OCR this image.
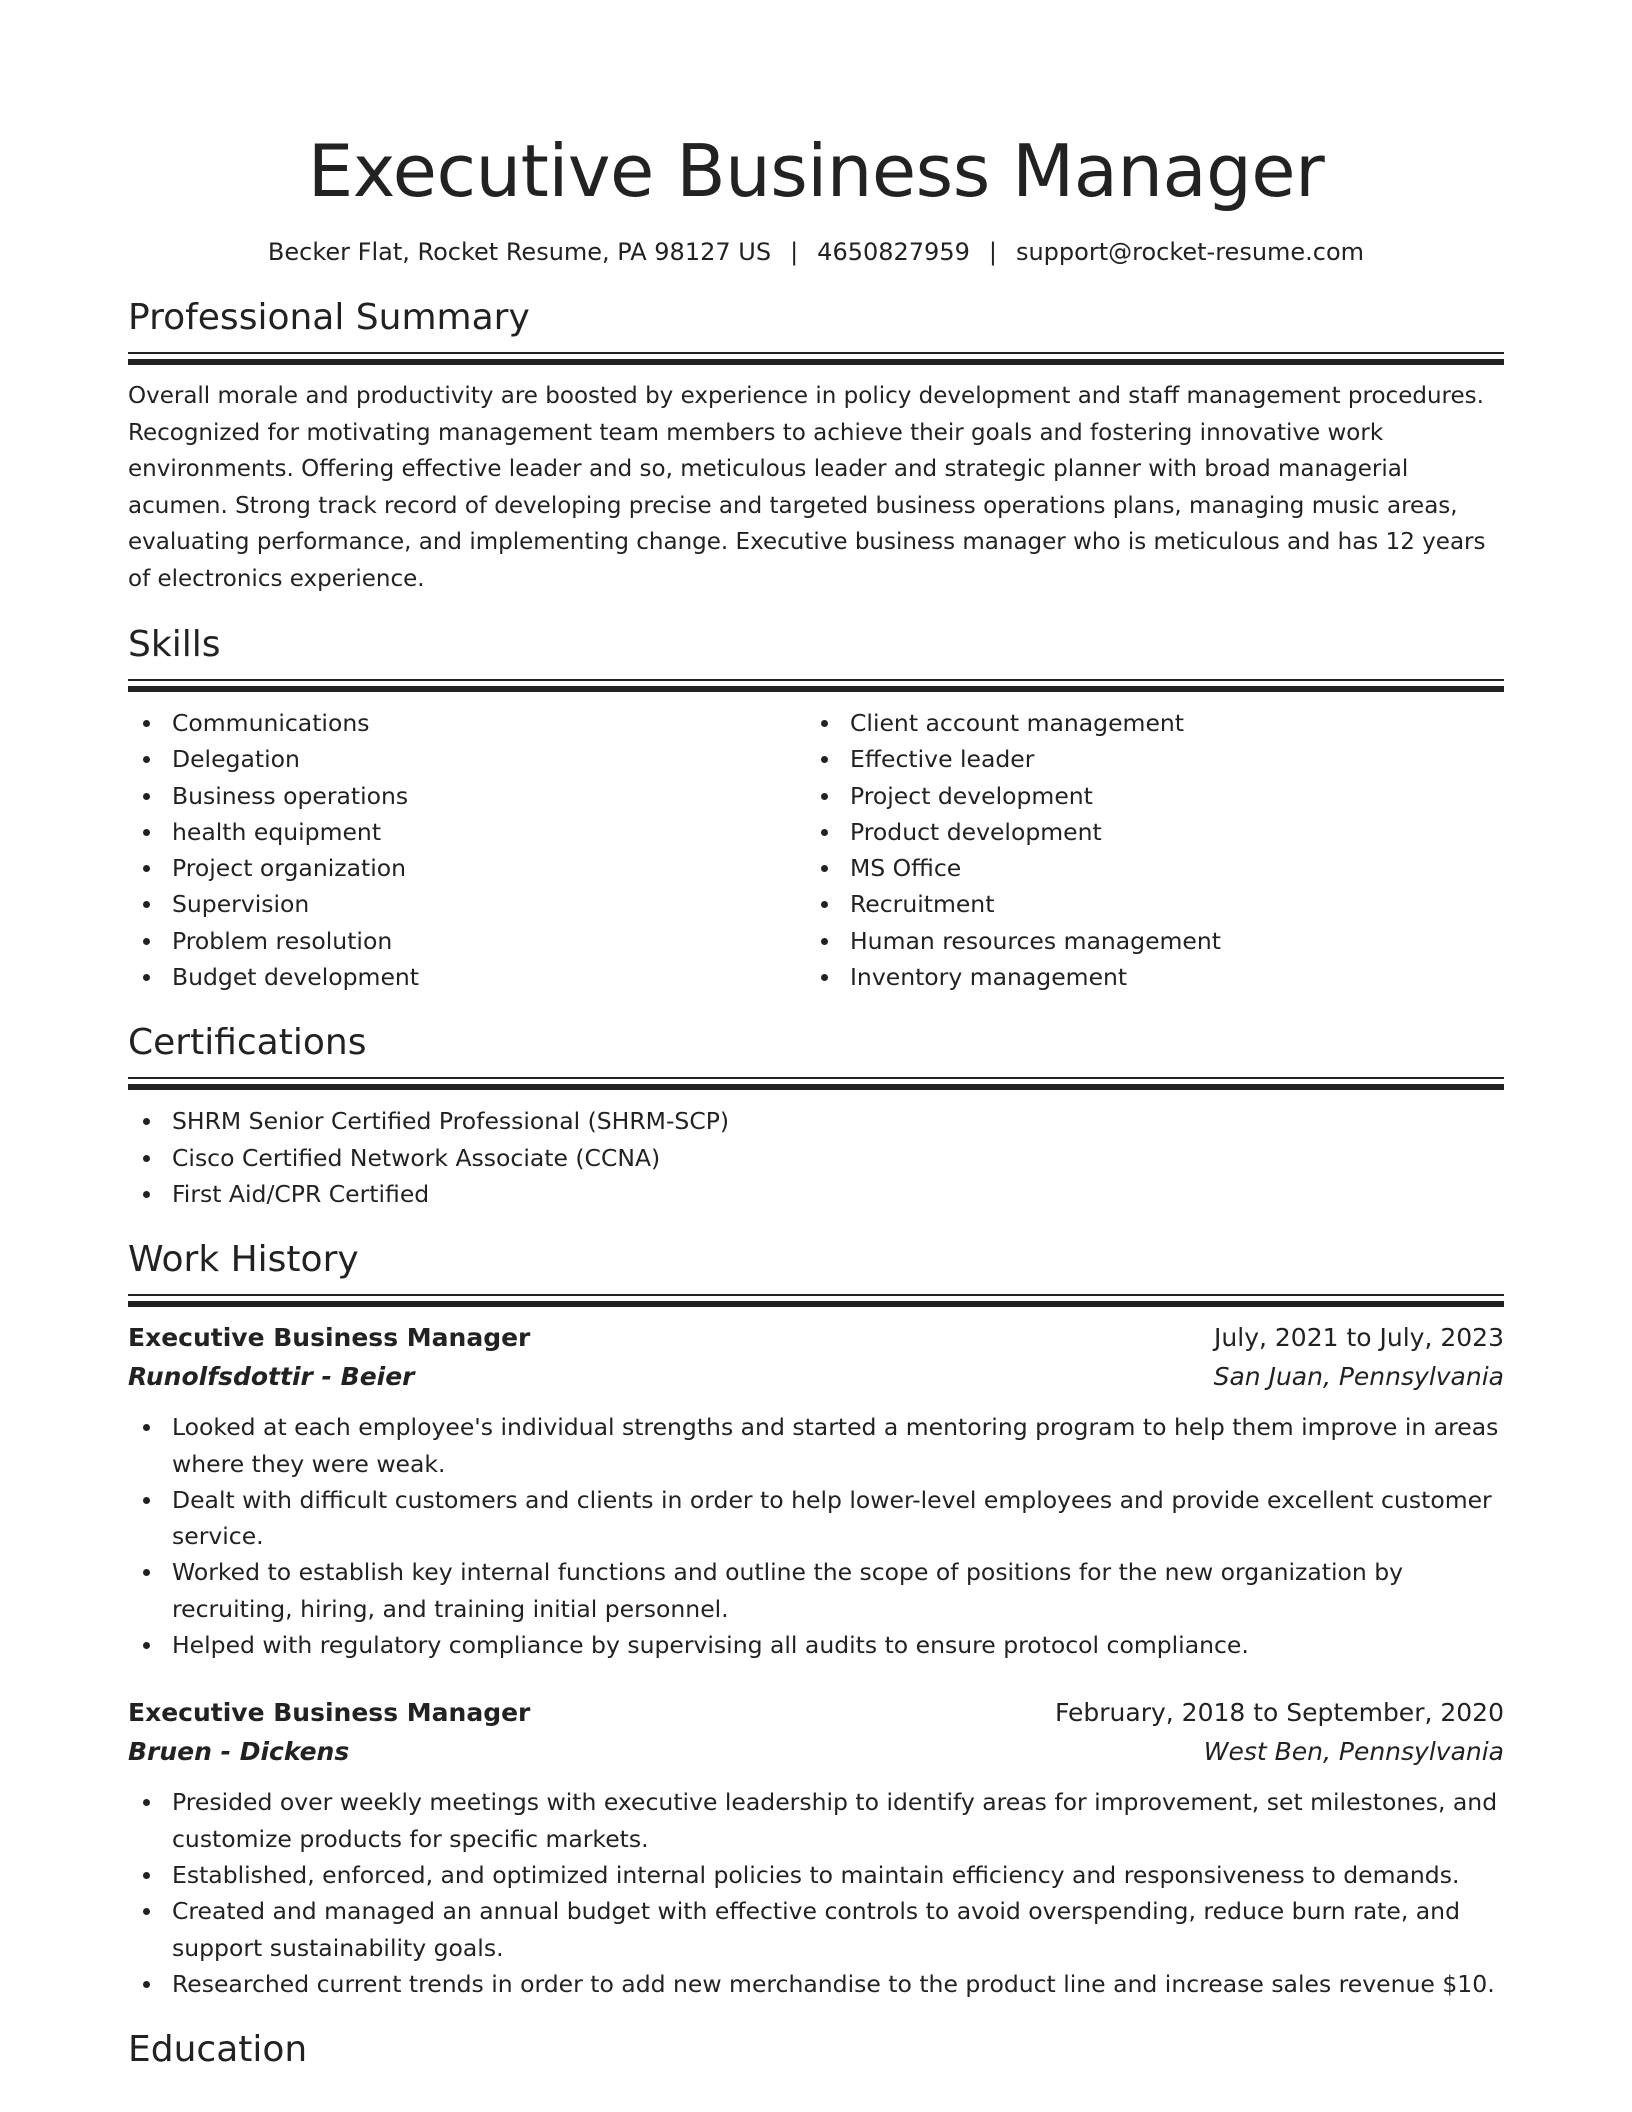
Executive Business Manager
Becker Flat, Rocket Resume, PA 98127 US | 4650827959 | support@rocket-resume.com
Professional Summary

Overall morale and productivity are boosted by experience in policy development and staff management procedures. Recognized for motivating management team members to achieve their goals and fostering innovative work environments. Offering effective leader and so, meticulous leader and strategic planner with broad managerial acumen. Strong track record of developing precise and targeted business operations plans, managing music areas, evaluating performance, and implementing change. Executive business manager who is meticulous and has 12 years of electronics experience.

Skills
Communications
Delegation
Business operations
health equipment
Project organization
Supervision
Problem resolution
Budget development
Client account management
Effective leader
Project development
Product development
MS Office
Recruitment
Human resources management
Inventory management
Certifications
SHRM Senior Certified Professional (SHRM-SCP)
Cisco Certified Network Associate (CCNA)
First Aid/CPR Certified
Work History
Executive Business Manager	July, 2021 to July, 2023
Runolfsdottir - Beier	San Juan, Pennsylvania
Looked at each employee's individual strengths and started a mentoring program to help them improve in areas where they were weak.
Dealt with difficult customers and clients in order to help lower-level employees and provide excellent customer service.
Worked to establish key internal functions and outline the scope of positions for the new organization by recruiting, hiring, and training initial personnel.
Helped with regulatory compliance by supervising all audits to ensure protocol compliance.
Executive Business Manager	February, 2018 to September, 2020
Bruen - Dickens	West Ben, Pennsylvania
Presided over weekly meetings with executive leadership to identify areas for improvement, set milestones, and customize products for specific markets.
Established, enforced, and optimized internal policies to maintain efficiency and responsiveness to demands.
Created and managed an annual budget with effective controls to avoid overspending, reduce burn rate, and support sustainability goals.
Researched current trends in order to add new merchandise to the product line and increase sales revenue $10.
Education
